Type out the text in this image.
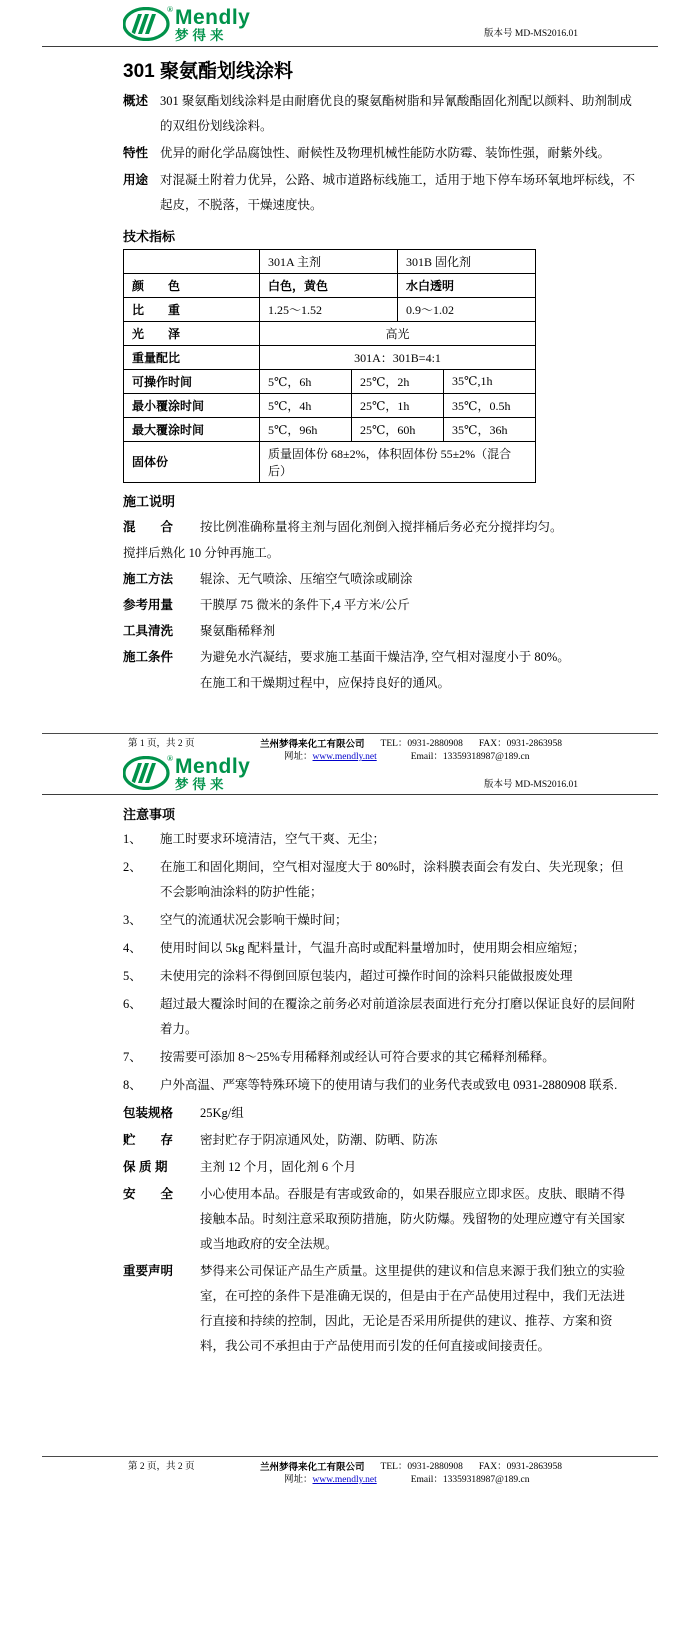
® Mendly
梦得来	版本号 MD-MS2016.01
301 聚氨酯划线涂料
概述 301 聚氨酯划线涂料是由耐磨优良的聚氨酯树脂和异氰酸酯固化剂配以颜料、助剂制成的双组份划线涂料。
特性 优异的耐化学品腐蚀性、耐候性及物理机械性能防水防霉、装饰性强，耐紫外线。
用途 对混凝土附着力优异，公路、城市道路标线施工，适用于地下停车场环氧地坪标线，不起皮，不脱落，干燥速度快。
技术指标
	301A 主剂		301B 固化剂	
颜　　色	白色，黄色		水白透明	
比　　重	1.25～1.52		0.9～1.02	
光　　泽	高光			
重量配比	301A：301B=4:1			
可操作时间	5℃，6h	25℃，2h		35℃,1h
最小覆涂时间	5℃，4h	25℃，1h		35℃，0.5h
最大覆涂时间	5℃，96h	25℃，60h		35℃，36h
固体份	质量固体份 68±2%，体积固体份 55±2%（混合后）			
施工说明
混　　合	按比例准确称量将主剂与固化剂倒入搅拌桶后务必充分搅拌均匀。
搅拌后熟化 10 分钟再施工。
施工方法	辊涂、无气喷涂、压缩空气喷涂或刷涂
参考用量	干膜厚 75 微米的条件下,4 平方米/公斤
工具清洗	聚氨酯稀释剂
施工条件	为避免水汽凝结，要求施工基面干燥洁净, 空气相对湿度小于 80%。
在施工和干燥期过程中，应保持良好的通风。
第 1 页，共 2 页	兰州梦得来化工有限公司 TEL：0931-2880908 FAX：0931-2863958
网址：www.mendly.net	Email：13359318987@189.cn
® Mendly
梦得来	版本号 MD-MS2016.01
注意事项
1、	施工时要求环境清洁，空气干爽、无尘；
2、	在施工和固化期间，空气相对湿度大于 80%时，涂料膜表面会有发白、失光现象；但不会影响油涂料的防护性能；
3、	空气的流通状况会影响干燥时间；
4、	使用时间以 5kg 配料量计，气温升高时或配料量增加时，使用期会相应缩短；
5、	未使用完的涂料不得倒回原包装内，超过可操作时间的涂料只能做报废处理
6、	超过最大覆涂时间的在覆涂之前务必对前道涂层表面进行充分打磨以保证良好的层间附着力。
7、	按需要可添加 8～25%专用稀释剂或经认可符合要求的其它稀释剂稀释。
8、	户外高温、严寒等特殊环境下的使用请与我们的业务代表或致电 0931-2880908 联系.
包装规格	25Kg/组
贮　　存	密封贮存于阴凉通风处，防潮、防晒、防冻
保 质 期	主剂 12 个月，固化剂 6 个月
安　　全	小心使用本品。吞服是有害或致命的，如果吞服应立即求医。皮肤、眼睛不得接触本品。时刻注意采取预防措施，防火防爆。残留物的处理应遵守有关国家或当地政府的安全法规。
重要声明	梦得来公司保证产品生产质量。这里提供的建议和信息来源于我们独立的实验室，在可控的条件下是准确无误的，但是由于在产品使用过程中，我们无法进行直接和持续的控制，因此，无论是否采用所提供的建议、推荐、方案和资料，我公司不承担由于产品使用而引发的任何直接或间接责任。
第 2 页，共 2 页	兰州梦得来化工有限公司 TEL：0931-2880908 FAX：0931-2863958
网址：www.mendly.net	Email：13359318987@189.cn
